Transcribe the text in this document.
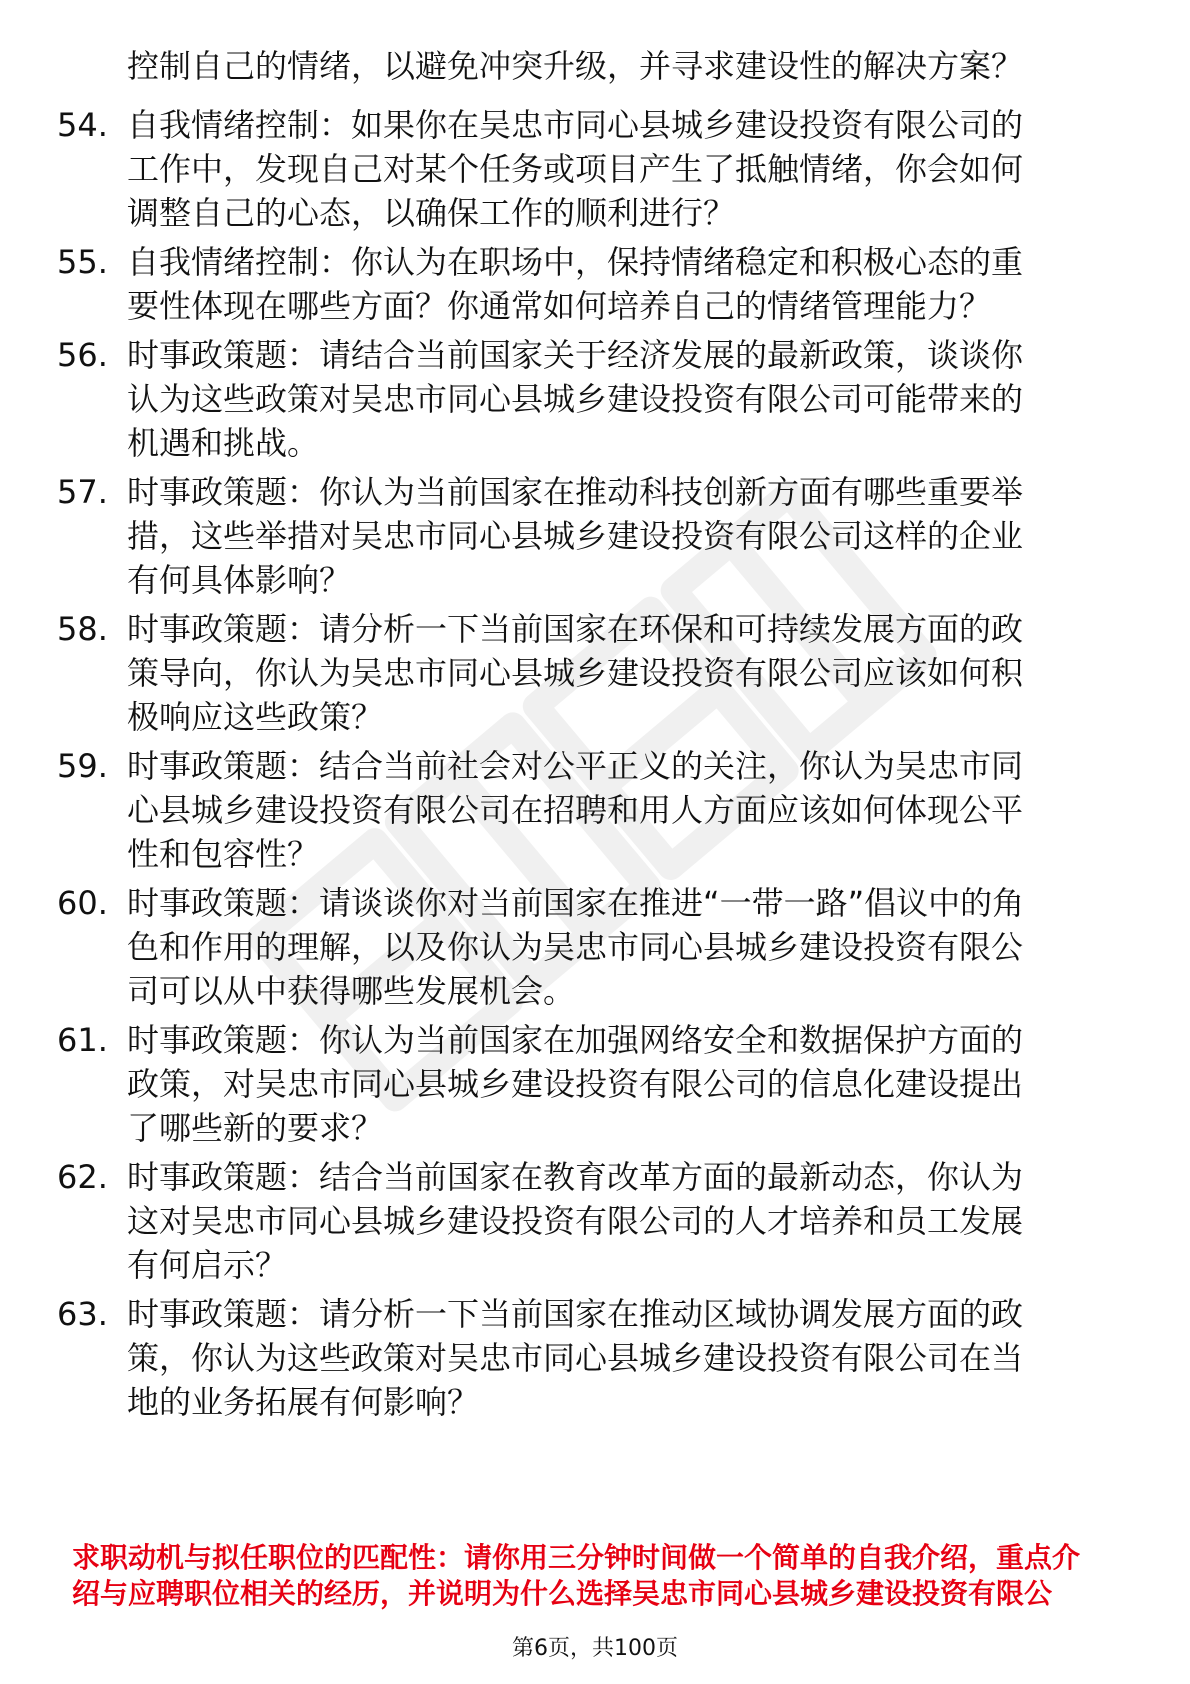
控制自己的情绪，以避免冲突升级，并寻求建设性的解决方案？
54. 自我情绪控制：如果你在吴忠市同心县城乡建设投资有限公司的
工作中，发现自己对某个任务或项目产生了抵触情绪，你会如何
调整自己的心态，以确保工作的顺利进行？
55. 自我情绪控制：你认为在职场中，保持情绪稳定和积极心态的重
要性体现在哪些方面？你通常如何培养自己的情绪管理能力？
56. 时事政策题：请结合当前国家关于经济发展的最新政策，谈谈你
认为这些政策对吴忠市同心县城乡建设投资有限公司可能带来的
机遇和挑战。
57. 时事政策题：你认为当前国家在推动科技创新方面有哪些重要举
措，这些举措对吴忠市同心县城乡建设投资有限公司这样的企业
有何具体影响？
58. 时事政策题：请分析一下当前国家在环保和可持续发展方面的政
策导向，你认为吴忠市同心县城乡建设投资有限公司应该如何积
极响应这些政策？
59. 时事政策题：结合当前社会对公平正义的关注，你认为吴忠市同
心县城乡建设投资有限公司在招聘和用人方面应该如何体现公平
性和包容性？
60. 时事政策题：请谈谈你对当前国家在推进“一带一路”倡议中的角
色和作用的理解，以及你认为吴忠市同心县城乡建设投资有限公
司可以从中获得哪些发展机会。
61. 时事政策题：你认为当前国家在加强网络安全和数据保护方面的
政策，对吴忠市同心县城乡建设投资有限公司的信息化建设提出
了哪些新的要求？
62. 时事政策题：结合当前国家在教育改革方面的最新动态，你认为
这对吴忠市同心县城乡建设投资有限公司的人才培养和员工发展
有何启示？
63. 时事政策题：请分析一下当前国家在推动区域协调发展方面的政
策，你认为这些政策对吴忠市同心县城乡建设投资有限公司在当
地的业务拓展有何影响？
求职动机与拟任职位的匹配性：请你用三分钟时间做一个简单的自我介绍，重点介
绍与应聘职位相关的经历，并说明为什么选择吴忠市同心县城乡建设投资有限公
第6页，共100页
